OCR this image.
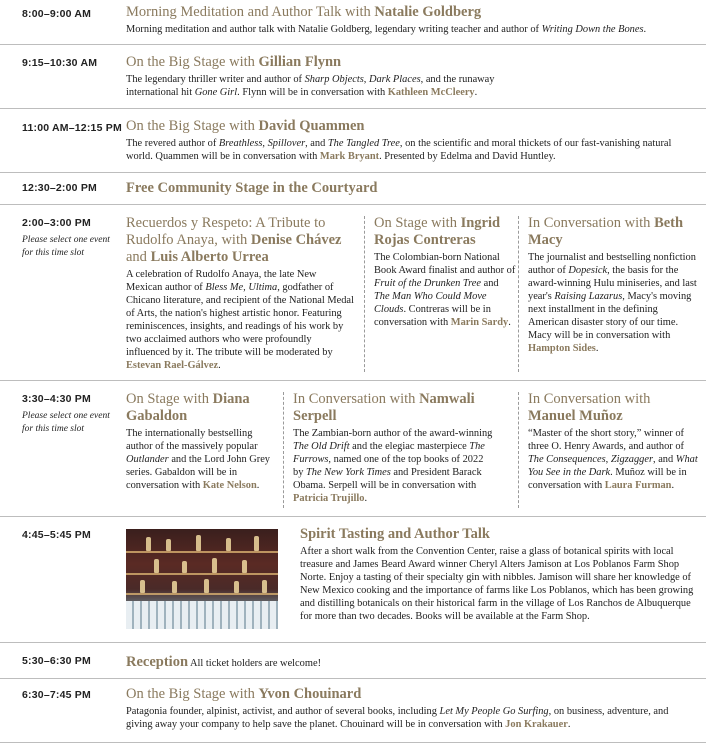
8:00–9:00 AM Morning Meditation and Author Talk with Natalie Goldberg
Morning meditation and author talk with Natalie Goldberg, legendary writing teacher and author of Writing Down the Bones.
9:15–10:30 AM On the Big Stage with Gillian Flynn
The legendary thriller writer and author of Sharp Objects, Dark Places, and the runaway international hit Gone Girl. Flynn will be in conversation with Kathleen McCleery.
11:00 AM–12:15 PM On the Big Stage with David Quammen
The revered author of Breathless, Spillover, and The Tangled Tree, on the scientific and moral thickets of our fast-vanishing natural world. Quammen will be in conversation with Mark Bryant. Presented by Edelma and David Huntley.
12:30–2:00 PM Free Community Stage in the Courtyard
2:00–3:00 PM
Please select one event for this time slot
Recuerdos y Respeto: A Tribute to Rudolfo Anaya, with Denise Chávez and Luis Alberto Urrea
A celebration of Rudolfo Anaya, the late New Mexican author of Bless Me, Ultima, godfather of Chicano literature, and recipient of the National Medal of Arts, the nation's highest artistic honor. Featuring reminiscences, insights, and readings of his work by two acclaimed authors who were profoundly influenced by it. The tribute will be moderated by Estevan Rael-Gálvez.
On Stage with Ingrid Rojas Contreras
The Colombian-born National Book Award finalist and author of Fruit of the Drunken Tree and The Man Who Could Move Clouds. Contreras will be in conversation with Marin Sardy.
In Conversation with Beth Macy
The journalist and bestselling nonfiction author of Dopesick, the basis for the award-winning Hulu miniseries, and last year's Raising Lazarus, Macy's moving next installment in the defining American disaster story of our time. Macy will be in conversation with Hampton Sides.
3:30–4:30 PM
Please select one event for this time slot
On Stage with Diana Gabaldon
The internationally bestselling author of the massively popular Outlander and the Lord John Grey series. Gabaldon will be in conversation with Kate Nelson.
In Conversation with Namwali Serpell
The Zambian-born author of the award-winning The Old Drift and the elegiac masterpiece The Furrows, named one of the top books of 2022 by The New York Times and President Barack Obama. Serpell will be in conversation with Patricia Trujillo.
In Conversation with Manuel Muñoz
“Master of the short story,” winner of three O. Henry Awards, and author of The Consequences, Zigzagger, and What You See in the Dark. Muñoz will be in conversation with Laura Furman.
4:45–5:45 PM	Spirit Tasting and Author Talk
After a short walk from the Convention Center, raise a glass of botanical spirits with local treasure and James Beard Award winner Cheryl Alters Jamison at Los Poblanos Farm Shop Norte. Enjoy a tasting of their specialty gin with nibbles. Jamison will share her knowledge of New Mexico cooking and the importance of farms like Los Poblanos, which has been growing and distilling botanicals on their historical farm in the village of Los Ranchos de Albuquerque for more than two decades. Books will be available at the Farm Shop.
5:30–6:30 PM Reception All ticket holders are welcome!
6:30–7:45 PM On the Big Stage with Yvon Chouinard
Patagonia founder, alpinist, activist, and author of several books, including Let My People Go Surfing, on business, adventure, and giving away your company to help save the planet. Chouinard will be in conversation with Jon Krakauer.
